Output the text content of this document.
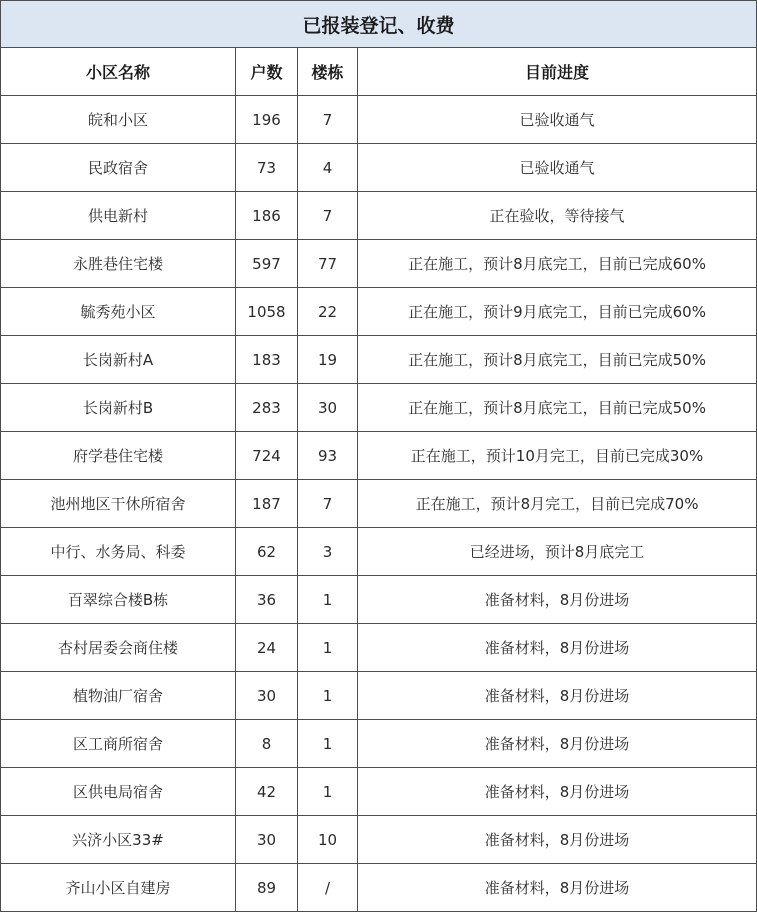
已报装登记、收费			
小区名称	户数	楼栋	目前进度
皖和小区	196	7	已验收通气
民政宿舍	73	4	已验收通气
供电新村	186	7	正在验收，等待接气
永胜巷住宅楼	597	77	正在施工，预计8月底完工，目前已完成60%
毓秀苑小区	1058	22	正在施工，预计9月底完工，目前已完成60%
长岗新村A	183	19	正在施工，预计8月底完工，目前已完成50%
长岗新村B	283	30	正在施工，预计8月底完工，目前已完成50%
府学巷住宅楼	724	93	正在施工，预计10月完工，目前已完成30%
池州地区干休所宿舍	187	7	正在施工，预计8月完工，目前已完成70%
中行、水务局、科委	62	3	已经进场，预计8月底完工
百翠综合楼B栋	36	1	准备材料，8月份进场
杏村居委会商住楼	24	1	准备材料，8月份进场
植物油厂宿舍	30	1	准备材料，8月份进场
区工商所宿舍	8	1	准备材料，8月份进场
区供电局宿舍	42	1	准备材料，8月份进场
兴济小区33#	30	10	准备材料，8月份进场
齐山小区自建房	89	/	准备材料，8月份进场
